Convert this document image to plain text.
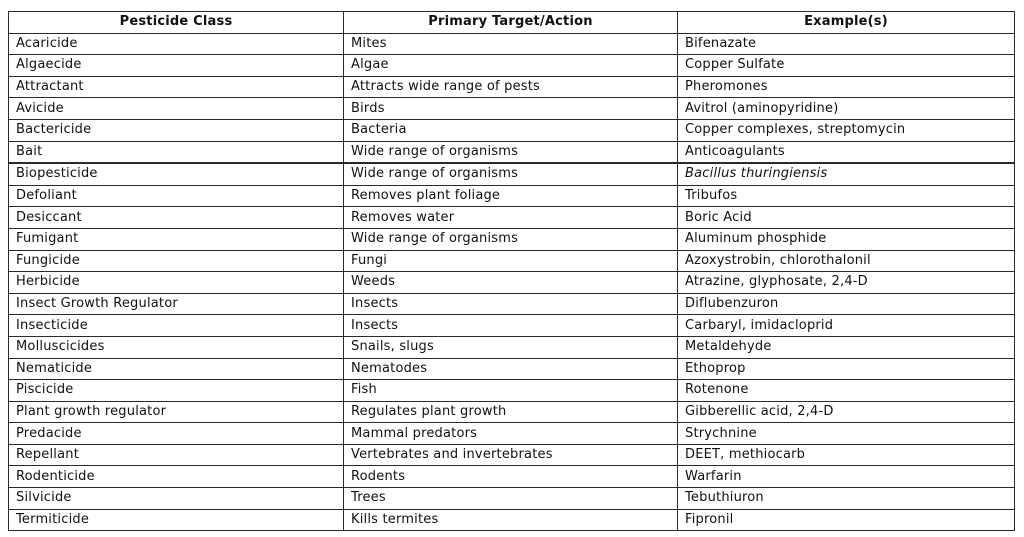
Pesticide Class	Primary Target/Action	Example(s)
Acaricide	Mites	Bifenazate
Algaecide	Algae	Copper Sulfate
Attractant	Attracts wide range of pests	Pheromones
Avicide	Birds	Avitrol (aminopyridine)
Bactericide	Bacteria	Copper complexes, streptomycin
Bait	Wide range of organisms	Anticoagulants
Biopesticide	Wide range of organisms	Bacillus thuringiensis
Defoliant	Removes plant foliage	Tribufos
Desiccant	Removes water	Boric Acid
Fumigant	Wide range of organisms	Aluminum phosphide
Fungicide	Fungi	Azoxystrobin, chlorothalonil
Herbicide	Weeds	Atrazine, glyphosate, 2,4-D
Insect Growth Regulator	Insects	Diflubenzuron
Insecticide	Insects	Carbaryl, imidacloprid
Molluscicides	Snails, slugs	Metaldehyde
Nematicide	Nematodes	Ethoprop
Piscicide	Fish	Rotenone
Plant growth regulator	Regulates plant growth	Gibberellic acid, 2,4-D
Predacide	Mammal predators	Strychnine
Repellant	Vertebrates and invertebrates	DEET, methiocarb
Rodenticide	Rodents	Warfarin
Silvicide	Trees	Tebuthiuron
Termiticide	Kills termites	Fipronil
